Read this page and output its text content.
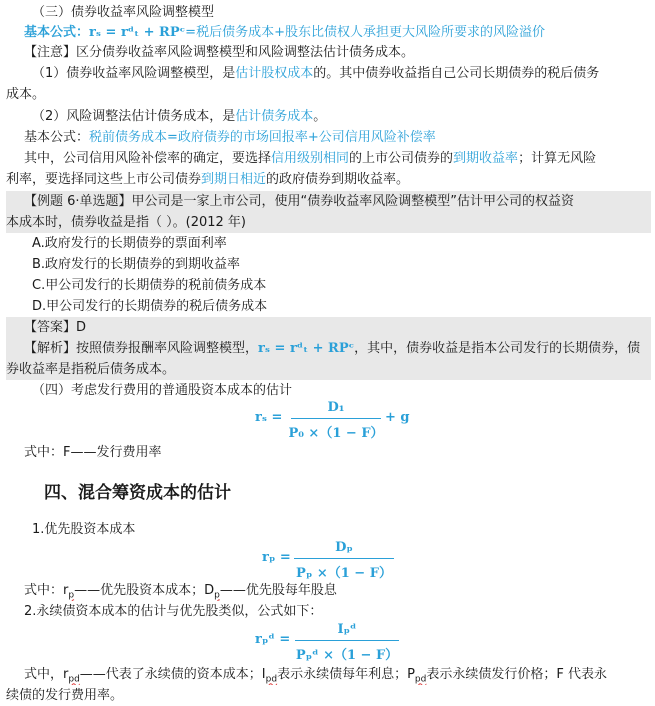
（三）债券收益率风险调整模型
基本公式：rₛ = rᵈₜ + RPᶜ=税后债务成本+股东比债权人承担更大风险所要求的风险溢价
【注意】区分债券收益率风险调整模型和风险调整法估计债务成本。
（1）债券收益率风险调整模型，是估计股权成本的。其中债券收益指自己公司长期债券的税后债务
成本。
（2）风险调整法估计债务成本，是估计债务成本。
基本公式：税前债务成本=政府债券的市场回报率+公司信用风险补偿率
其中，公司信用风险补偿率的确定，要选择信用级别相同的上市公司债券的到期收益率；计算无风险
利率，要选择同这些上市公司债券到期日相近的政府债券到期收益率。
【例题 6·单选题】甲公司是一家上市公司，使用“债券收益率风险调整模型”估计甲公司的权益资
本成本时，债券收益是指（ ）。(2012 年)
A.政府发行的长期债券的票面利率
B.政府发行的长期债券的到期收益率
C.甲公司发行的长期债券的税前债务成本
D.甲公司发行的长期债券的税后债务成本
【答案】D
【解析】按照债券报酬率风险调整模型，rₛ = rᵈₜ + RPᶜ，其中，债券收益是指本公司发行的长期债券，债
券收益率是指税后债务成本。
（四）考虑发行费用的普通股资本成本的估计
rₛ =
D₁
P₀ ×（1 − F）
+ g
式中：F——发行费用率
四、混合筹资成本的估计
1.优先股资本成本
rₚ =
Dₚ
Pₚ ×（1 − F）
式中：$r_p——$优先股资本成本；$D_p——$优先股每年股息
2.永续债资本成本的估计与优先股类似，公式如下：
rₚᵈ =
Iₚᵈ
Pₚᵈ ×（1 − F）
式中，$r_{pd}——$代表了永续债的资本成本；$I_{pd}$表示永续债每年利息；$P_{pd}$表示永续债发行价格；F 代表永
续债的发行费用率。
